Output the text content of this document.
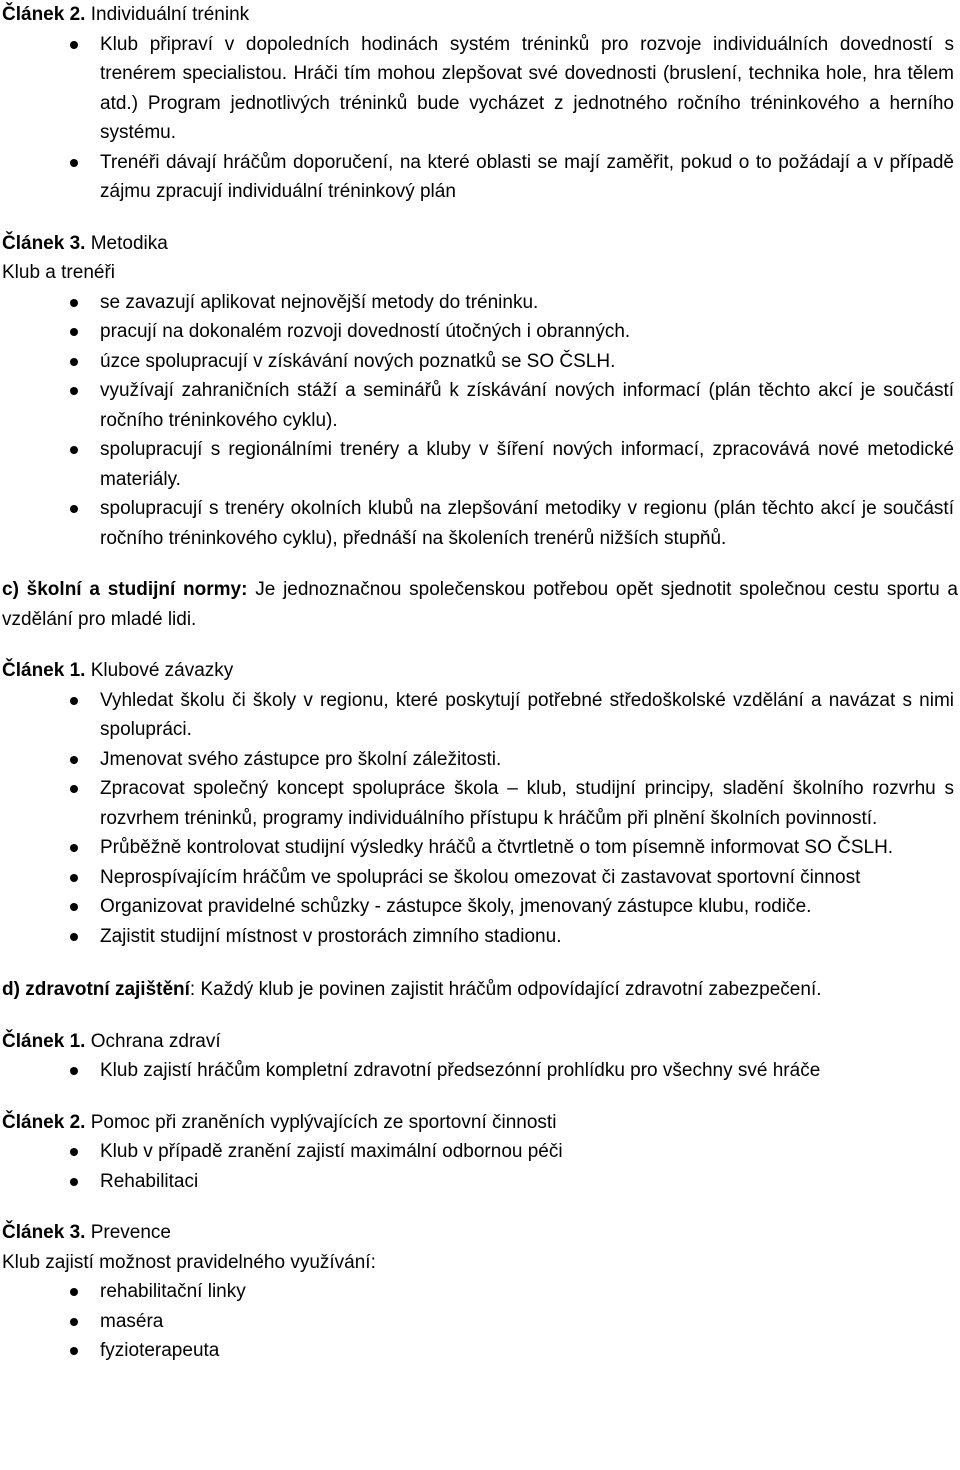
Článek 2. Individuální trénink

Klub připraví v dopoledních hodinách systém tréninků pro rozvoje individuálních dovedností s trenérem specialistou. Hráči tím mohou zlepšovat své dovednosti (bruslení, technika hole, hra tělem atd.) Program jednotlivých tréninků bude vycházet z jednotného ročního tréninkového a herního systému.
Trenéři dávají hráčům doporučení, na které oblasti se mají zaměřit, pokud o to požádají a v případě zájmu zpracují individuální tréninkový plán

Článek 3. Metodika

Klub a trenéři

se zavazují aplikovat nejnovější metody do tréninku.
pracují na dokonalém rozvoji dovedností útočných i obranných.
úzce spolupracují v získávání nových poznatků se SO ČSLH.
využívají zahraničních stáží a seminářů k získávání nových informací (plán těchto akcí je součástí ročního tréninkového cyklu).
spolupracují s regionálními trenéry a kluby v šíření nových informací, zpracovává nové metodické materiály.
spolupracují s trenéry okolních klubů na zlepšování metodiky v regionu (plán těchto akcí je součástí ročního tréninkového cyklu), přednáší na školeních trenérů nižších stupňů.

c) školní a studijní normy: Je jednoznačnou společenskou potřebou opět sjednotit společnou cestu sportu a vzdělání pro mladé lidi.

Článek 1. Klubové závazky

Vyhledat školu či školy v regionu, které poskytují potřebné středoškolské vzdělání a navázat s nimi spolupráci.
Jmenovat svého zástupce pro školní záležitosti.
Zpracovat společný koncept spolupráce škola – klub, studijní principy, sladění školního rozvrhu s rozvrhem tréninků, programy individuálního přístupu k hráčům při plnění školních povinností.
Průběžně kontrolovat studijní výsledky hráčů a čtvrtletně o tom písemně informovat SO ČSLH.
Neprospívajícím hráčům ve spolupráci se školou omezovat či zastavovat sportovní činnost
Organizovat pravidelné schůzky - zástupce školy, jmenovaný zástupce klubu, rodiče.
Zajistit studijní místnost v prostorách zimního stadionu.

d) zdravotní zajištění: Každý klub je povinen zajistit hráčům odpovídající zdravotní zabezpečení.

Článek 1. Ochrana zdraví

Klub zajistí hráčům kompletní zdravotní předsezónní prohlídku pro všechny své hráče

Článek 2. Pomoc při zraněních vyplývajících ze sportovní činnosti

Klub v případě zranění zajistí maximální odbornou péči
Rehabilitaci

Článek 3. Prevence

Klub zajistí možnost pravidelného využívání:

rehabilitační linky
maséra
fyzioterapeuta
